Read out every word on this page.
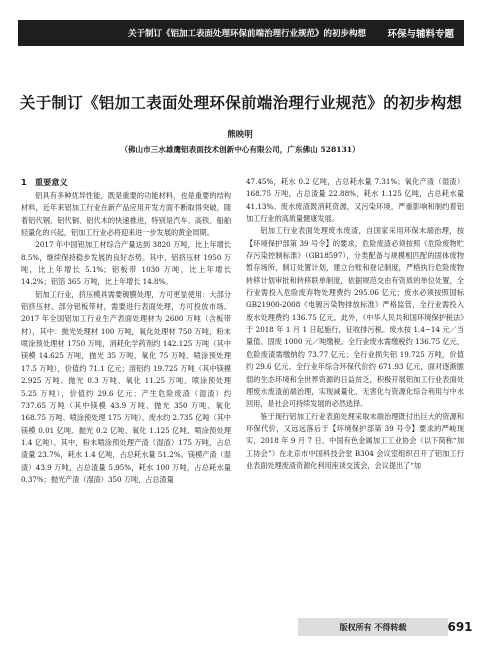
关于制订《铝加工表面处理环保前端治理行业规范》的初步构想 环保与辅料专题
关于制订《铝加工表面处理环保前端治理行业规范》的初步构想
熊映明
（佛山市三水雄鹰铝表面技术创新中心有限公司，广东佛山 528131）
1　重要意义

铝具有多种优异性能，既是重要的功能材料，也是重要的结构材料，近年来铝加工行业在新产品应用开发方面不断取得突破，随着铝代钢、铝代铜、铝代木的快速推进，特别是汽车、高铁、船舶轻量化的兴起，铝加工行业必将迎来进一步发展的黄金周期。

2017 年中国铝加工材综合产量达到 3820 万吨，比上年增长 8.5%，继续保持稳步发展的良好态势。其中，铝挤压材 1950 万吨，比上年增长 5.1%；铝板带 1030 万吨，比上年增长 14.2%；铝箔 365 万吨，比上年增长 14.8%。

铝加工行业，挤压模具需要镀膜处理，方可更显使用：大部分铝挤压材、部分铝板带材，需要进行表面处理，方可投放市场。2017 年全国铝加工行业生产表面处理材为 2600 万吨（含板带材），其中：抛光处理材 100 万吨，氧化处理材 750 万吨，粉末喷涂预处理材 1750 万吨，消耗化学药剂约 142.125 万吨（其中镁模 14.625 万吨，抛光 35 万吨、氧化 75 万吨、喷涂预处理 17.5 万吨），价值约 71.1 亿元；溶铝约 19.725 万吨（其中镁模 2.925 万吨、抛光 0.3 万吨、氧化 11.25 万吨、喷涂预处理 5.25 万吨），价值约 29.6 亿元；产生危险废渣（湿渣）约 737.65 万吨（其中镁模 43.9 万吨、抛光 350 万吨、氧化 168.75 万吨、喷涂预处理 175 万吨）、废水约 2.735 亿吨（其中镁模 0.01 亿吨、抛光 0.2 亿吨、氧化 1.125 亿吨、喷涂预处理 1.4 亿吨）。其中，粉末喷涂预处理产渣（湿渣）175 万吨，占总渣量 23.7%，耗水 1.4 亿吨，占总耗水量 51.2%。镁模产渣（湿渣）43.9 万吨，占总渣量 5.95%，耗水 100 万吨，占总耗水量 0.37%；抛光产渣（湿渣）350 万吨，占总渣量

47.45%，耗水 0.2 亿吨，占总耗水量 7.31%；氧化产渣（湿渣）168.75 万吨，占总渣量 22.88%，耗水 1.125 亿吨，占总耗水量 41.13%。废水废渣既消耗资源，又污染环境，严重影响和制约着铝加工行业的高质量健康发展。

铝加工行业表面处理废水废渣，自国家采用环保末端治理，按【环境保护部第 39 号令】的要求，危险废渣必须按照《危险废物贮存污染控制标准》（GB18597），分类配备与规模相匹配的固体废物暂存场所，制订处置计划，建立台账和登记制度，严格执行危险废物转移计划审批和转移联单制度，依据规范交由有资质的单位处置，全行业需投入危险废弃物处理费约 295.06 亿元；废水必须按照国标 GB21900-2008《电镀污染物排放标准》严格监管，全行业需投入废水处理费约 136.75 亿元。此外，《中华人民共和国环境保护税法》于 2018 年 1 月 1 日起施行，征收排污税。废水按 1.4~14 元／当量值、固废 1000 元／吨缴税。全行业废水需缴税约 136.75 亿元，危险废渣需缴纳约 73.77 亿元；全行业损失铝 19.725 万吨，价值约 29.6 亿元。全行业年综合环保代价约 671.93 亿元，面对逐渐脆弱的生态环境和全世界资源的日益贫乏，积极开展铝加工行业表面处理废水废渣前端治理，实现减量化、无害化与资源化综合利用与中水回用，是社会可持续发展的必然选择。

鉴于现行铝加工行业表面处理采取末端治理既付出巨大的资源和环保代价，又远远落后于【环境保护部第 39 号令】要求的严峻现实，2018 年 9 月 7 日，中国有色金属加工工业协会（以下简称“加工协会”）在北京市中国科技会堂 B304 会议室组织召开了铝加工行业表面处理废渣资源化利用座谈交流会，会议提出了“加

版权所有 不得转载	691
